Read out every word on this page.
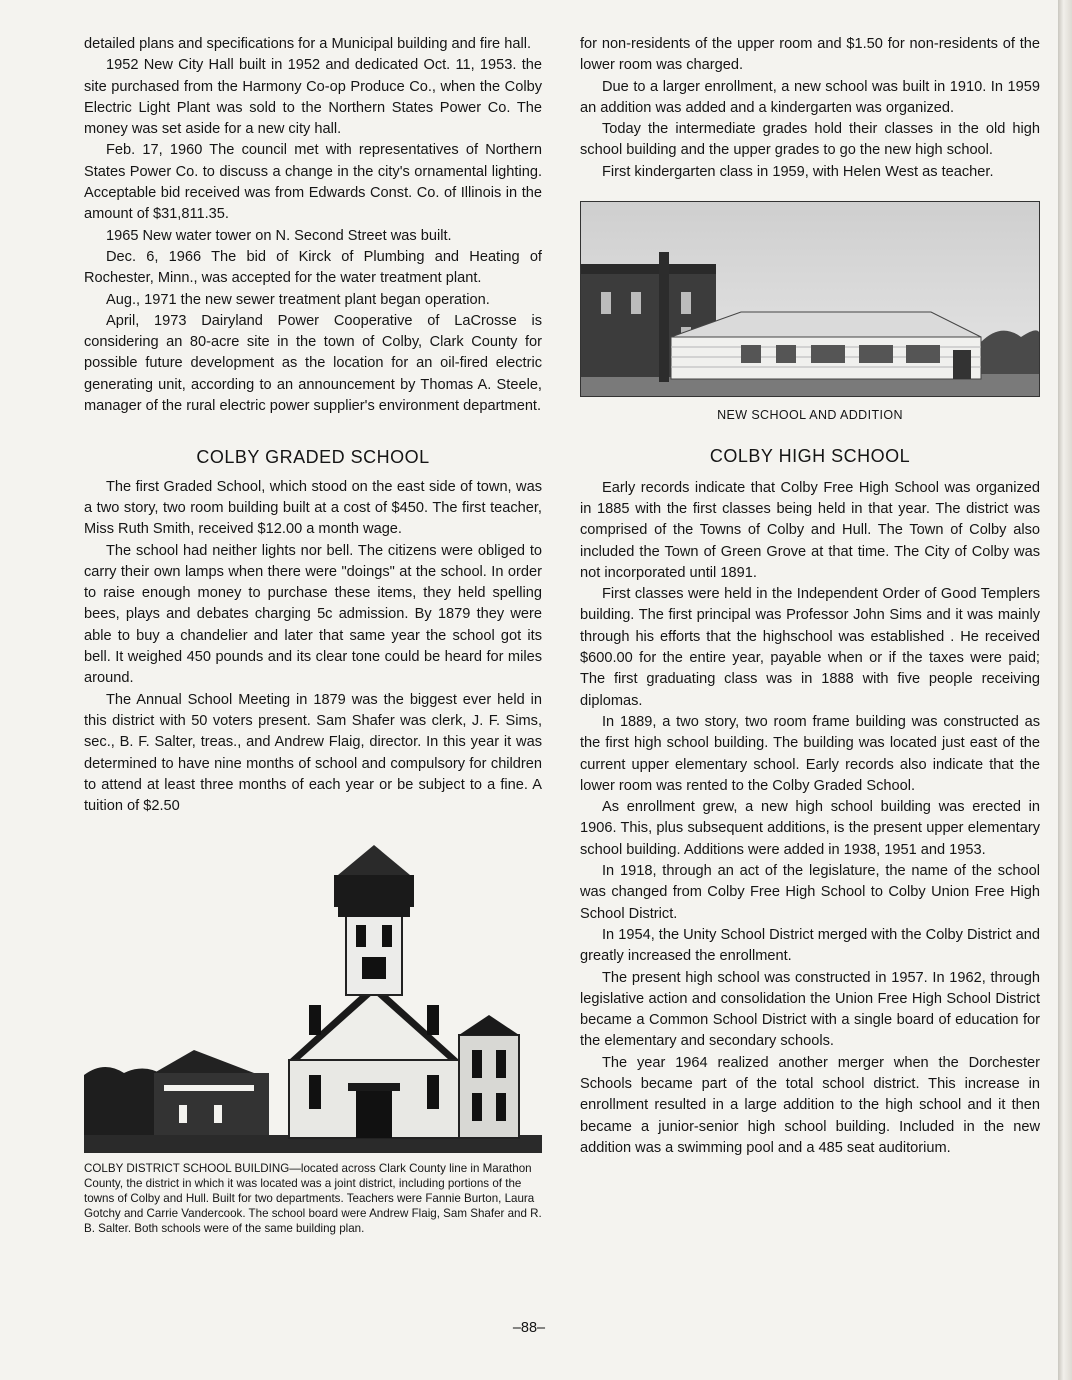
detailed plans and specifications for a Municipal building and fire hall.

1952 New City Hall built in 1952 and dedicated Oct. 11, 1953. the site purchased from the Harmony Co-op Produce Co., when the Colby Electric Light Plant was sold to the Northern States Power Co. The money was set aside for a new city hall.

Feb. 17, 1960 The council met with representatives of Northern States Power Co. to discuss a change in the city's ornamental lighting. Acceptable bid received was from Edwards Const. Co. of Illinois in the amount of $31,811.35.

1965 New water tower on N. Second Street was built.

Dec. 6, 1966 The bid of Kirck of Plumbing and Heating of Rochester, Minn., was accepted for the water treatment plant.

Aug., 1971 the new sewer treatment plant began operation.

April, 1973 Dairyland Power Cooperative of LaCrosse is considering an 80-acre site in the town of Colby, Clark County for possible future development as the location for an oil-fired electric generating unit, according to an announcement by Thomas A. Steele, manager of the rural electric power supplier's environment department.

COLBY GRADED SCHOOL

The first Graded School, which stood on the east side of town, was a two story, two room building built at a cost of $450. The first teacher, Miss Ruth Smith, received $12.00 a month wage.

The school had neither lights nor bell. The citizens were obliged to carry their own lamps when there were "doings" at the school. In order to raise enough money to purchase these items, they held spelling bees, plays and debates charging 5c admission. By 1879 they were able to buy a chandelier and later that same year the school got its bell. It weighed 450 pounds and its clear tone could be heard for miles around.

The Annual School Meeting in 1879 was the biggest ever held in this district with 50 voters present. Sam Shafer was clerk, J. F. Sims, sec., B. F. Salter, treas., and Andrew Flaig, director. In this year it was determined to have nine months of school and compulsory for children to attend at least three months of each year or be subject to a fine. A tuition of $2.50

COLBY DISTRICT SCHOOL BUILDING—located across Clark County line in Marathon County, the district in which it was located was a joint district, including portions of the towns of Colby and Hull. Built for two departments. Teachers were Fannie Burton, Laura Gotchy and Carrie Vandercook. The school board were Andrew Flaig, Sam Shafer and R. B. Salter. Both schools were of the same building plan.

for non-residents of the upper room and $1.50 for non-residents of the lower room was charged.

Due to a larger enrollment, a new school was built in 1910. In 1959 an addition was added and a kindergarten was organized.

Today the intermediate grades hold their classes in the old high school building and the upper grades to go the new high school.

First kindergarten class in 1959, with Helen West as teacher.

NEW SCHOOL AND ADDITION
COLBY HIGH SCHOOL

Early records indicate that Colby Free High School was organized in 1885 with the first classes being held in that year. The district was comprised of the Towns of Colby and Hull. The Town of Colby also included the Town of Green Grove at that time. The City of Colby was not incorporated until 1891.

First classes were held in the Independent Order of Good Templers building. The first principal was Professor John Sims and it was mainly through his efforts that the highschool was established . He received $600.00 for the entire year, payable when or if the taxes were paid; The first graduating class was in 1888 with five people receiving diplomas.

In 1889, a two story, two room frame building was constructed as the first high school building. The building was located just east of the current upper elementary school. Early records also indicate that the lower room was rented to the Colby Graded School.

As enrollment grew, a new high school building was erected in 1906. This, plus subsequent additions, is the present upper elementary school building. Additions were added in 1938, 1951 and 1953.

In 1918, through an act of the legislature, the name of the school was changed from Colby Free High School to Colby Union Free High School District.

In 1954, the Unity School District merged with the Colby District and greatly increased the enrollment.

The present high school was constructed in 1957. In 1962, through legislative action and consolidation the Union Free High School District became a Common School District with a single board of education for the elementary and secondary schools.

The year 1964 realized another merger when the Dorchester Schools became part of the total school district. This increase in enrollment resulted in a large addition to the high school and it then became a junior-senior high school building. Included in the new addition was a swimming pool and a 485 seat auditorium.

–88–
